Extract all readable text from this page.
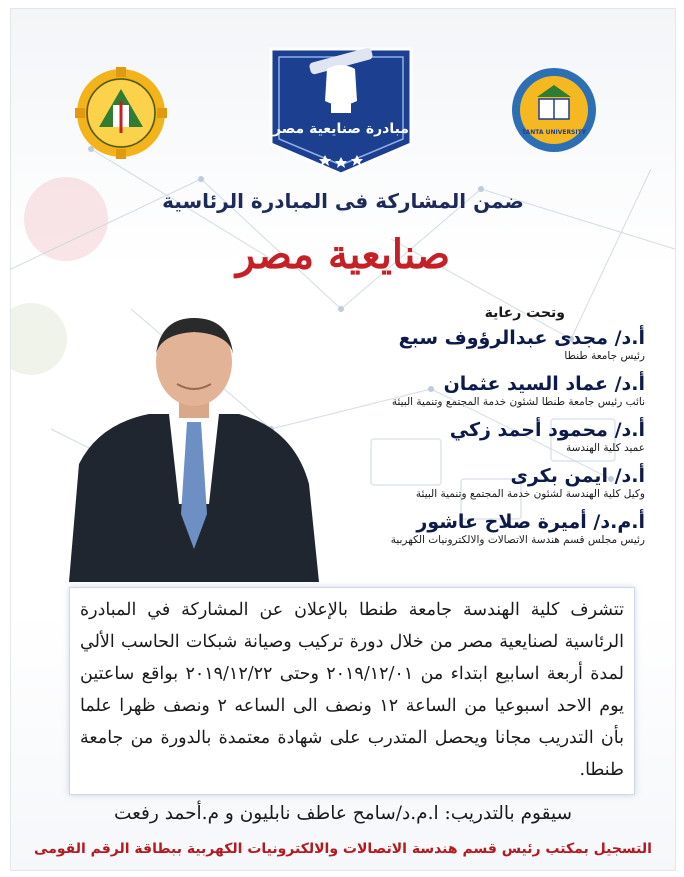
مبادرة صنايعية مصر	TANTA UNIVERSITY
ضمن المشاركة فى المبادرة الرئاسية
صنايعية مصر
وتحت رعاية
أ.د/ مجدى عبدالرؤوف سبع
رئيس جامعة طنطا
أ.د/ عماد السيد عثمان
نائب رئيس جامعة طنطا لشئون خدمة المجتمع وتنمية البيئة
أ.د/ محمود أحمد زكي
عميد كلية الهندسة
أ.د/ ايمن بكرى
وكيل كلية الهندسة لشئون خدمة المجتمع وتنمية البيئة
أ.م.د/ أميرة صلاح عاشور
رئيس مجلس قسم هندسة الاتصالات والالكترونيات الكهربية

تتشرف كلية الهندسة جامعة طنطا بالإعلان عن المشاركة في المبادرة الرئاسية لصنايعية مصر من خلال دورة تركيب وصيانة شبكات الحاسب الألي لمدة أربعة اسابيع ابتداء من ٢٠١٩/١٢/٠١ وحتى ٢٠١٩/١٢/٢٢ بواقع ساعتين يوم الاحد اسبوعيا من الساعة ١٢ ونصف الى الساعه ٢ ونصف ظهرا علما بأن التدريب مجانا ويحصل المتدرب على شهادة معتمدة بالدورة من جامعة طنطا.

سيقوم بالتدريب: ا.م.د/سامح عاطف نابليون و م.أحمد رفعت
التسجيل بمكتب رئيس قسم هندسة الاتصالات والالكترونيات الكهربية ببطاقة الرقم القومى
